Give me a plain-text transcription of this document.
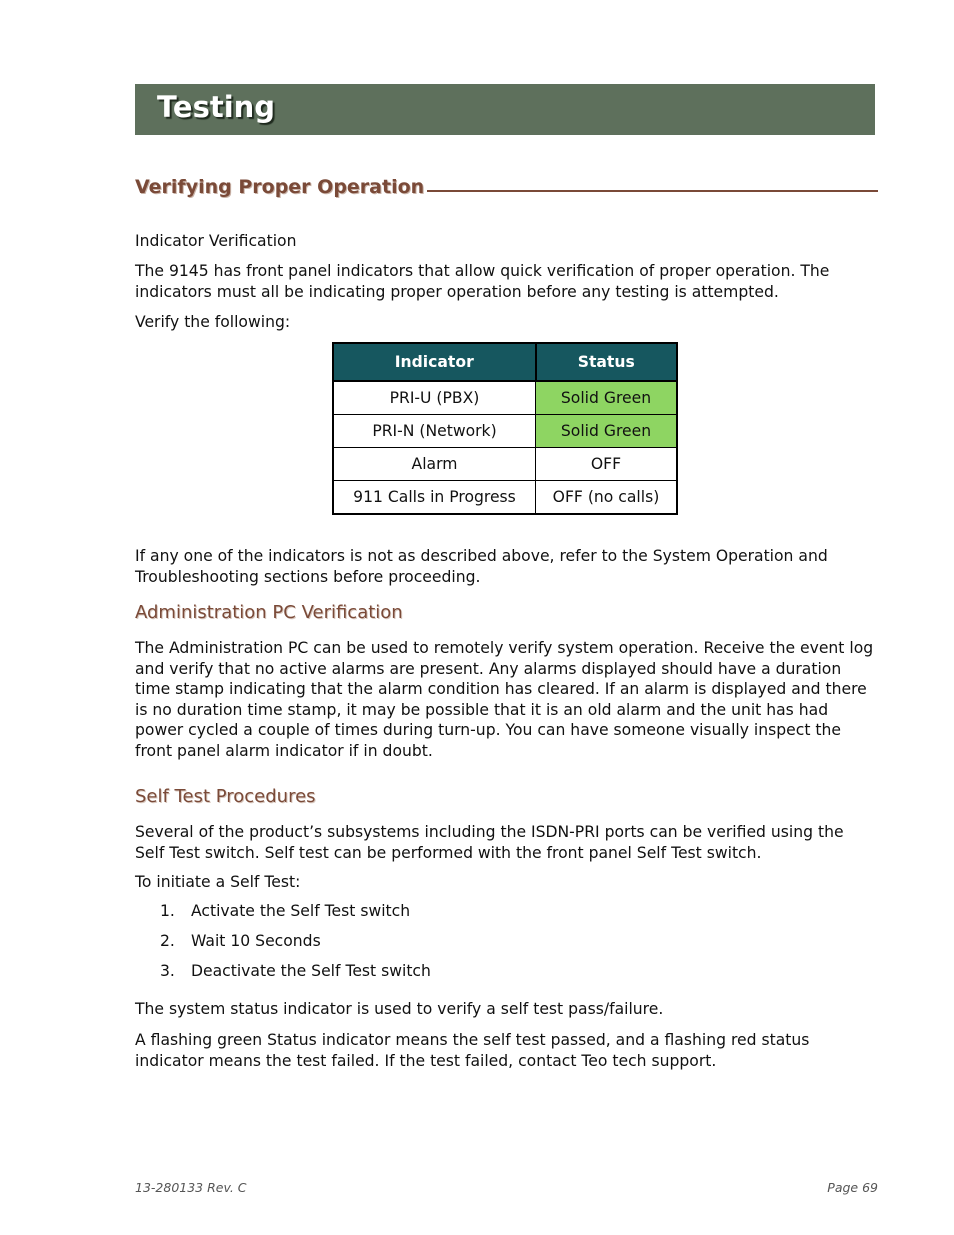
Testing
Verifying Proper Operation
Indicator Verification
The 9145 has front panel indicators that allow quick verification of proper operation. The indicators must all be indicating proper operation before any testing is attempted.
Verify the following:
Indicator	Status
PRI-U (PBX)	Solid Green
PRI-N (Network)	Solid Green
Alarm	OFF
911 Calls in Progress	OFF (no calls)
If any one of the indicators is not as described above, refer to the System Operation and Troubleshooting sections before proceeding.
Administration PC Verification
The Administration PC can be used to remotely verify system operation. Receive the event log and verify that no active alarms are present. Any alarms displayed should have a duration time stamp indicating that the alarm condition has cleared. If an alarm is displayed and there is no duration time stamp, it may be possible that it is an old alarm and the unit has had power cycled a couple of times during turn-up. You can have someone visually inspect the front panel alarm indicator if in doubt.
Self Test Procedures
Several of the product’s subsystems including the ISDN-PRI ports can be verified using the Self Test switch. Self test can be performed with the front panel Self Test switch.
To initiate a Self Test:
1. Activate the Self Test switch
2. Wait 10 Seconds
3. Deactivate the Self Test switch
The system status indicator is used to verify a self test pass/failure.
A flashing green Status indicator means the self test passed, and a flashing red status indicator means the test failed. If the test failed, contact Teo tech support.
13-280133 Rev. C	Page 69
